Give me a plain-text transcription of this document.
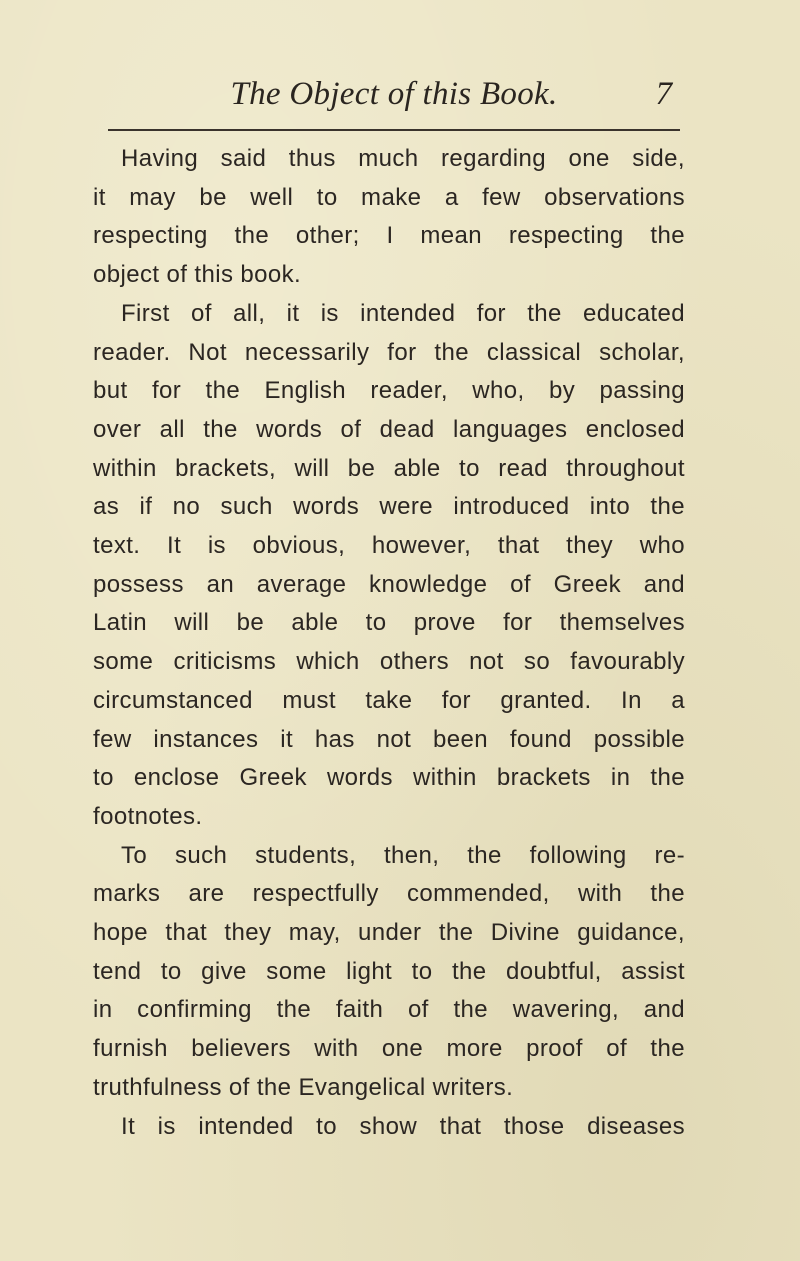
The Object of this Book.	7
Having said thus much regarding one side,
it may be well to make a few observations
respecting the other; I mean respecting the
object of this book.
First of all, it is intended for the educated
reader. Not necessarily for the classical scholar,
but for the English reader, who, by passing
over all the words of dead languages enclosed
within brackets, will be able to read throughout
as if no such words were introduced into the
text. It is obvious, however, that they who
possess an average knowledge of Greek and
Latin will be able to prove for themselves
some criticisms which others not so favourably
circumstanced must take for granted. In a
few instances it has not been found possible
to enclose Greek words within brackets in the
footnotes.
To such students, then, the following re-
marks are respectfully commended, with the
hope that they may, under the Divine guidance,
tend to give some light to the doubtful, assist
in confirming the faith of the wavering, and
furnish believers with one more proof of the
truthfulness of the Evangelical writers.
It is intended to show that those diseases
